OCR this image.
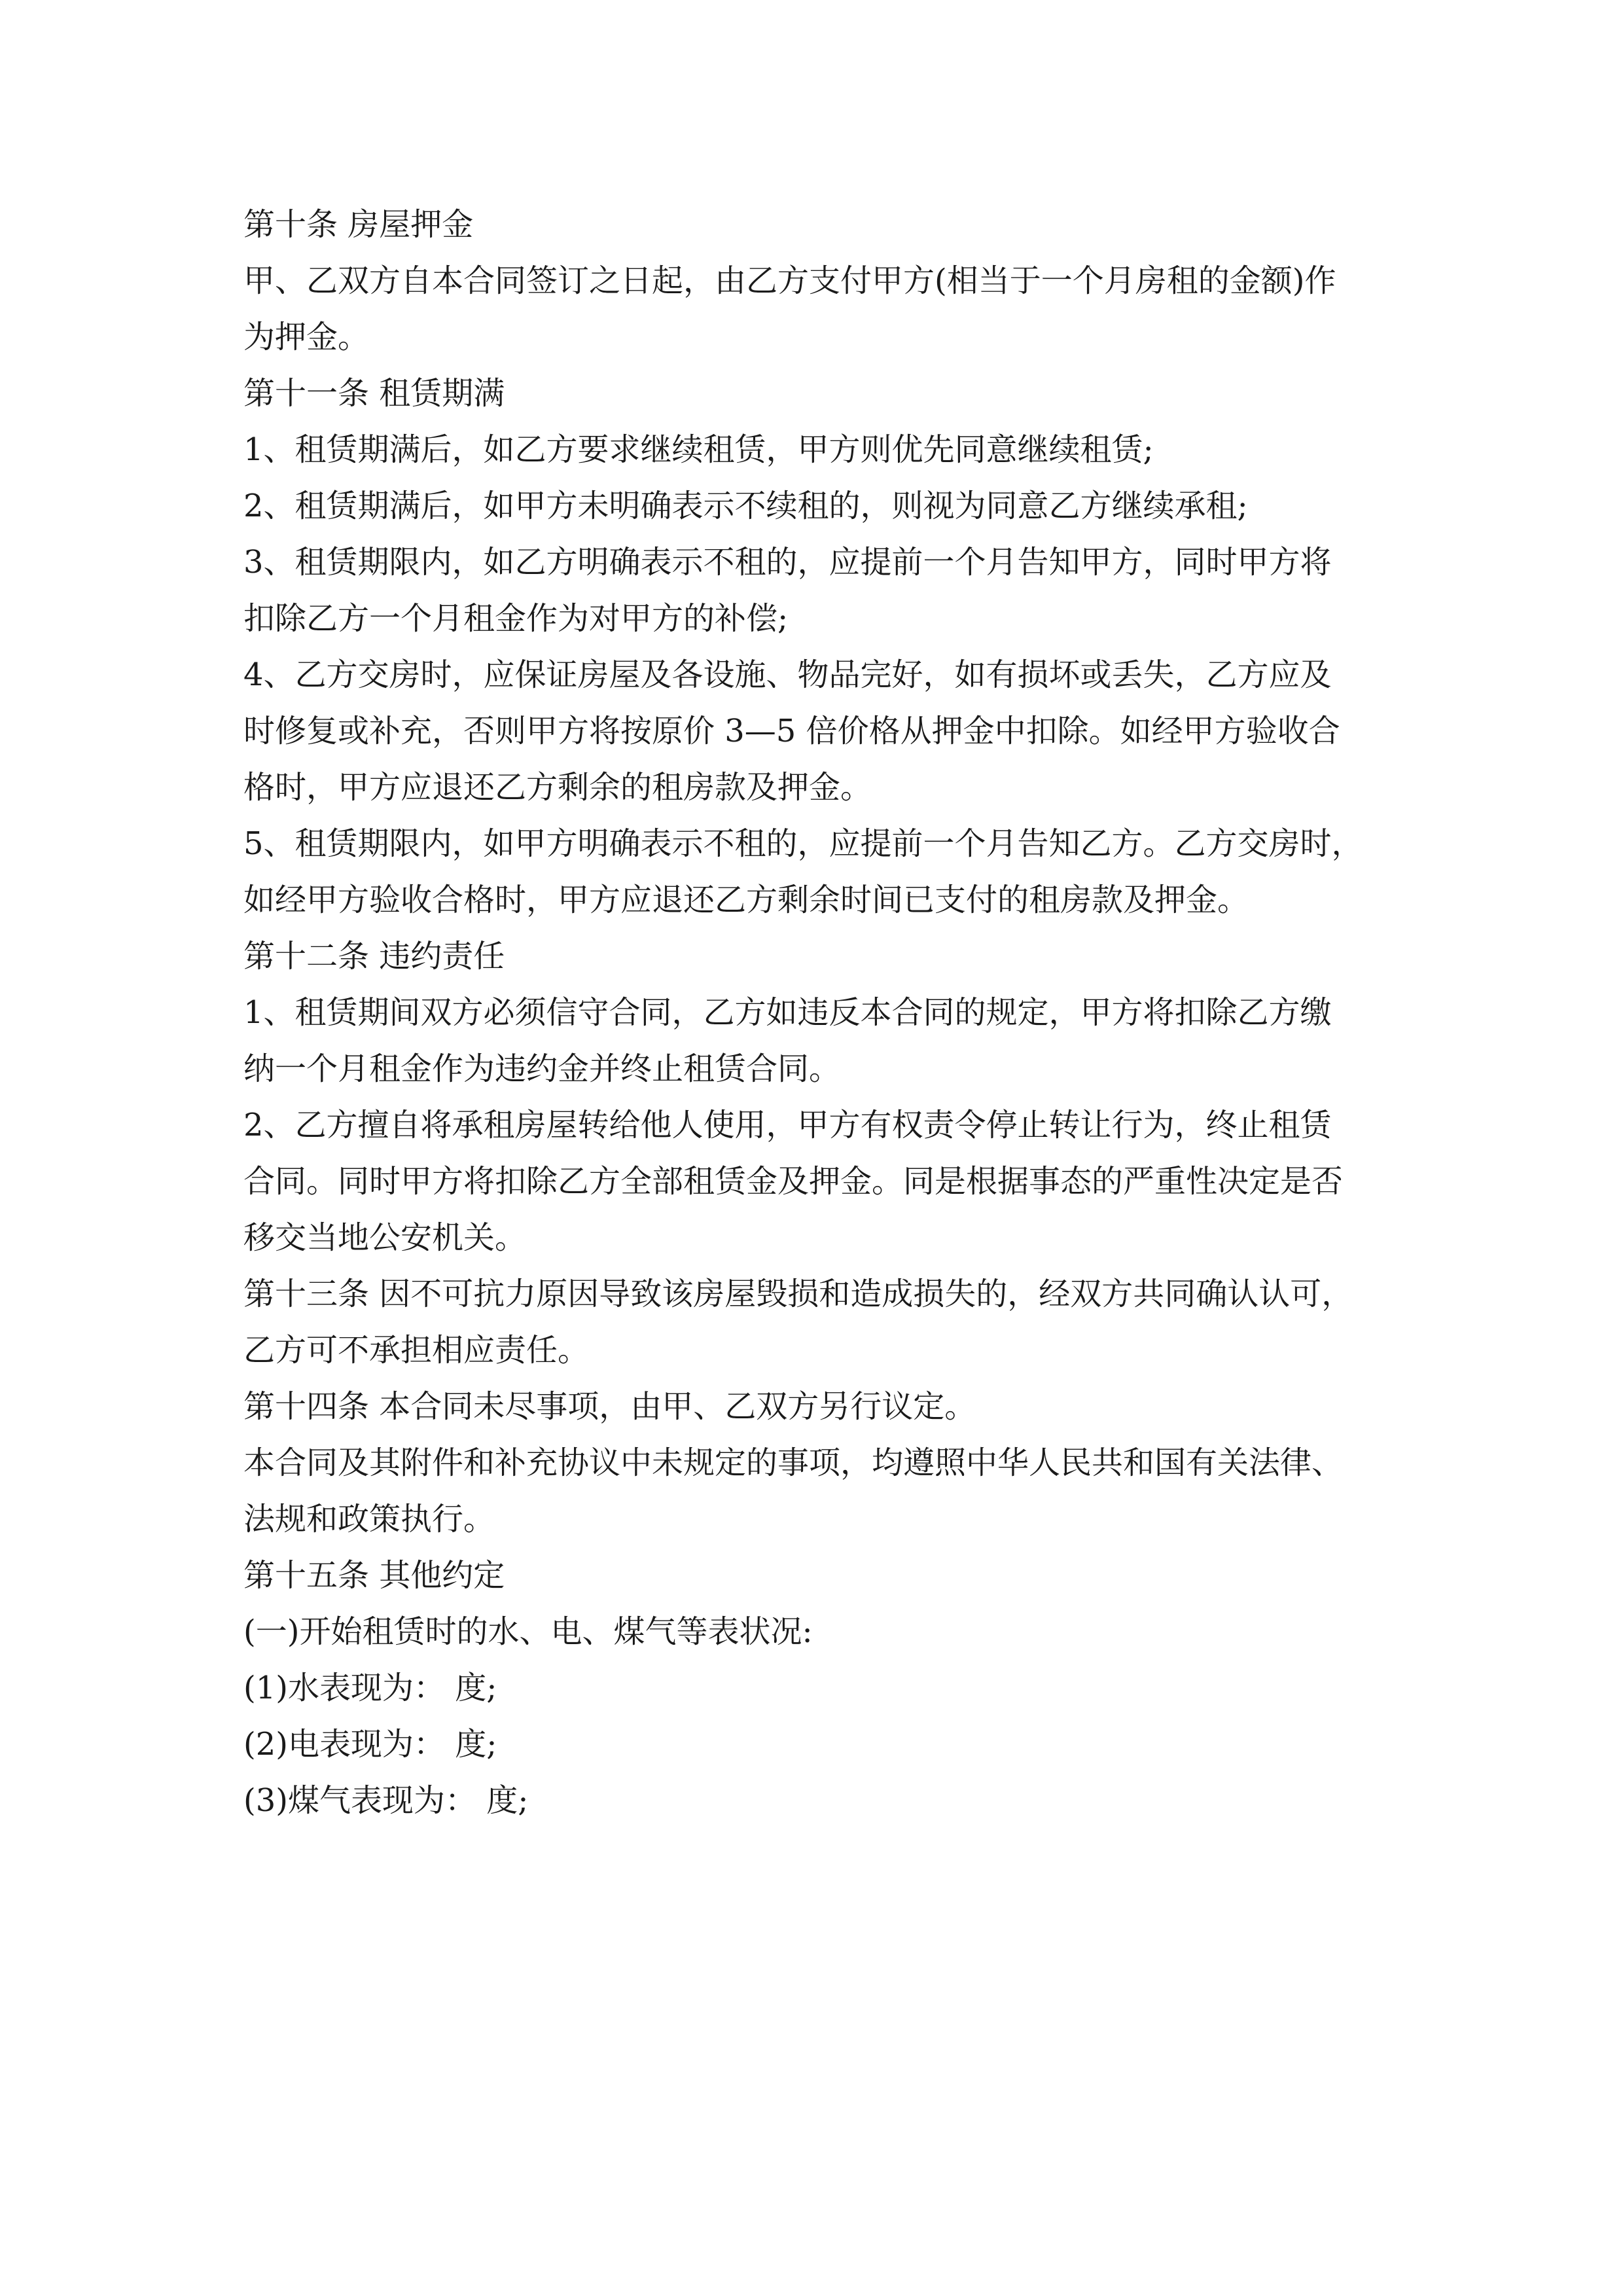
第十条 房屋押金

甲、乙双方自本合同签订之日起，由乙方支付甲方(相当于一个月房租的金额)作

为押金。

第十一条 租赁期满

1、租赁期满后，如乙方要求继续租赁，甲方则优先同意继续租赁;

2、租赁期满后，如甲方未明确表示不续租的，则视为同意乙方继续承租;

3、租赁期限内，如乙方明确表示不租的，应提前一个月告知甲方，同时甲方将

扣除乙方一个月租金作为对甲方的补偿;

4、乙方交房时，应保证房屋及各设施、物品完好，如有损坏或丢失，乙方应及

时修复或补充，否则甲方将按原价 3—5 倍价格从押金中扣除。如经甲方验收合

格时，甲方应退还乙方剩余的租房款及押金。

5、租赁期限内，如甲方明确表示不租的，应提前一个月告知乙方。乙方交房时，

如经甲方验收合格时，甲方应退还乙方剩余时间已支付的租房款及押金。

第十二条 违约责任

1、租赁期间双方必须信守合同，乙方如违反本合同的规定，甲方将扣除乙方缴

纳一个月租金作为违约金并终止租赁合同。

2、乙方擅自将承租房屋转给他人使用，甲方有权责令停止转让行为，终止租赁

合同。同时甲方将扣除乙方全部租赁金及押金。同是根据事态的严重性决定是否

移交当地公安机关。

第十三条 因不可抗力原因导致该房屋毁损和造成损失的，经双方共同确认认可，

乙方可不承担相应责任。

第十四条 本合同未尽事项，由甲、乙双方另行议定。

本合同及其附件和补充协议中未规定的事项，均遵照中华人民共和国有关法律、

法规和政策执行。

第十五条 其他约定

(一)开始租赁时的水、电、煤气等表状况:

(1)水表现为： 度;

(2)电表现为： 度;

(3)煤气表现为： 度;
